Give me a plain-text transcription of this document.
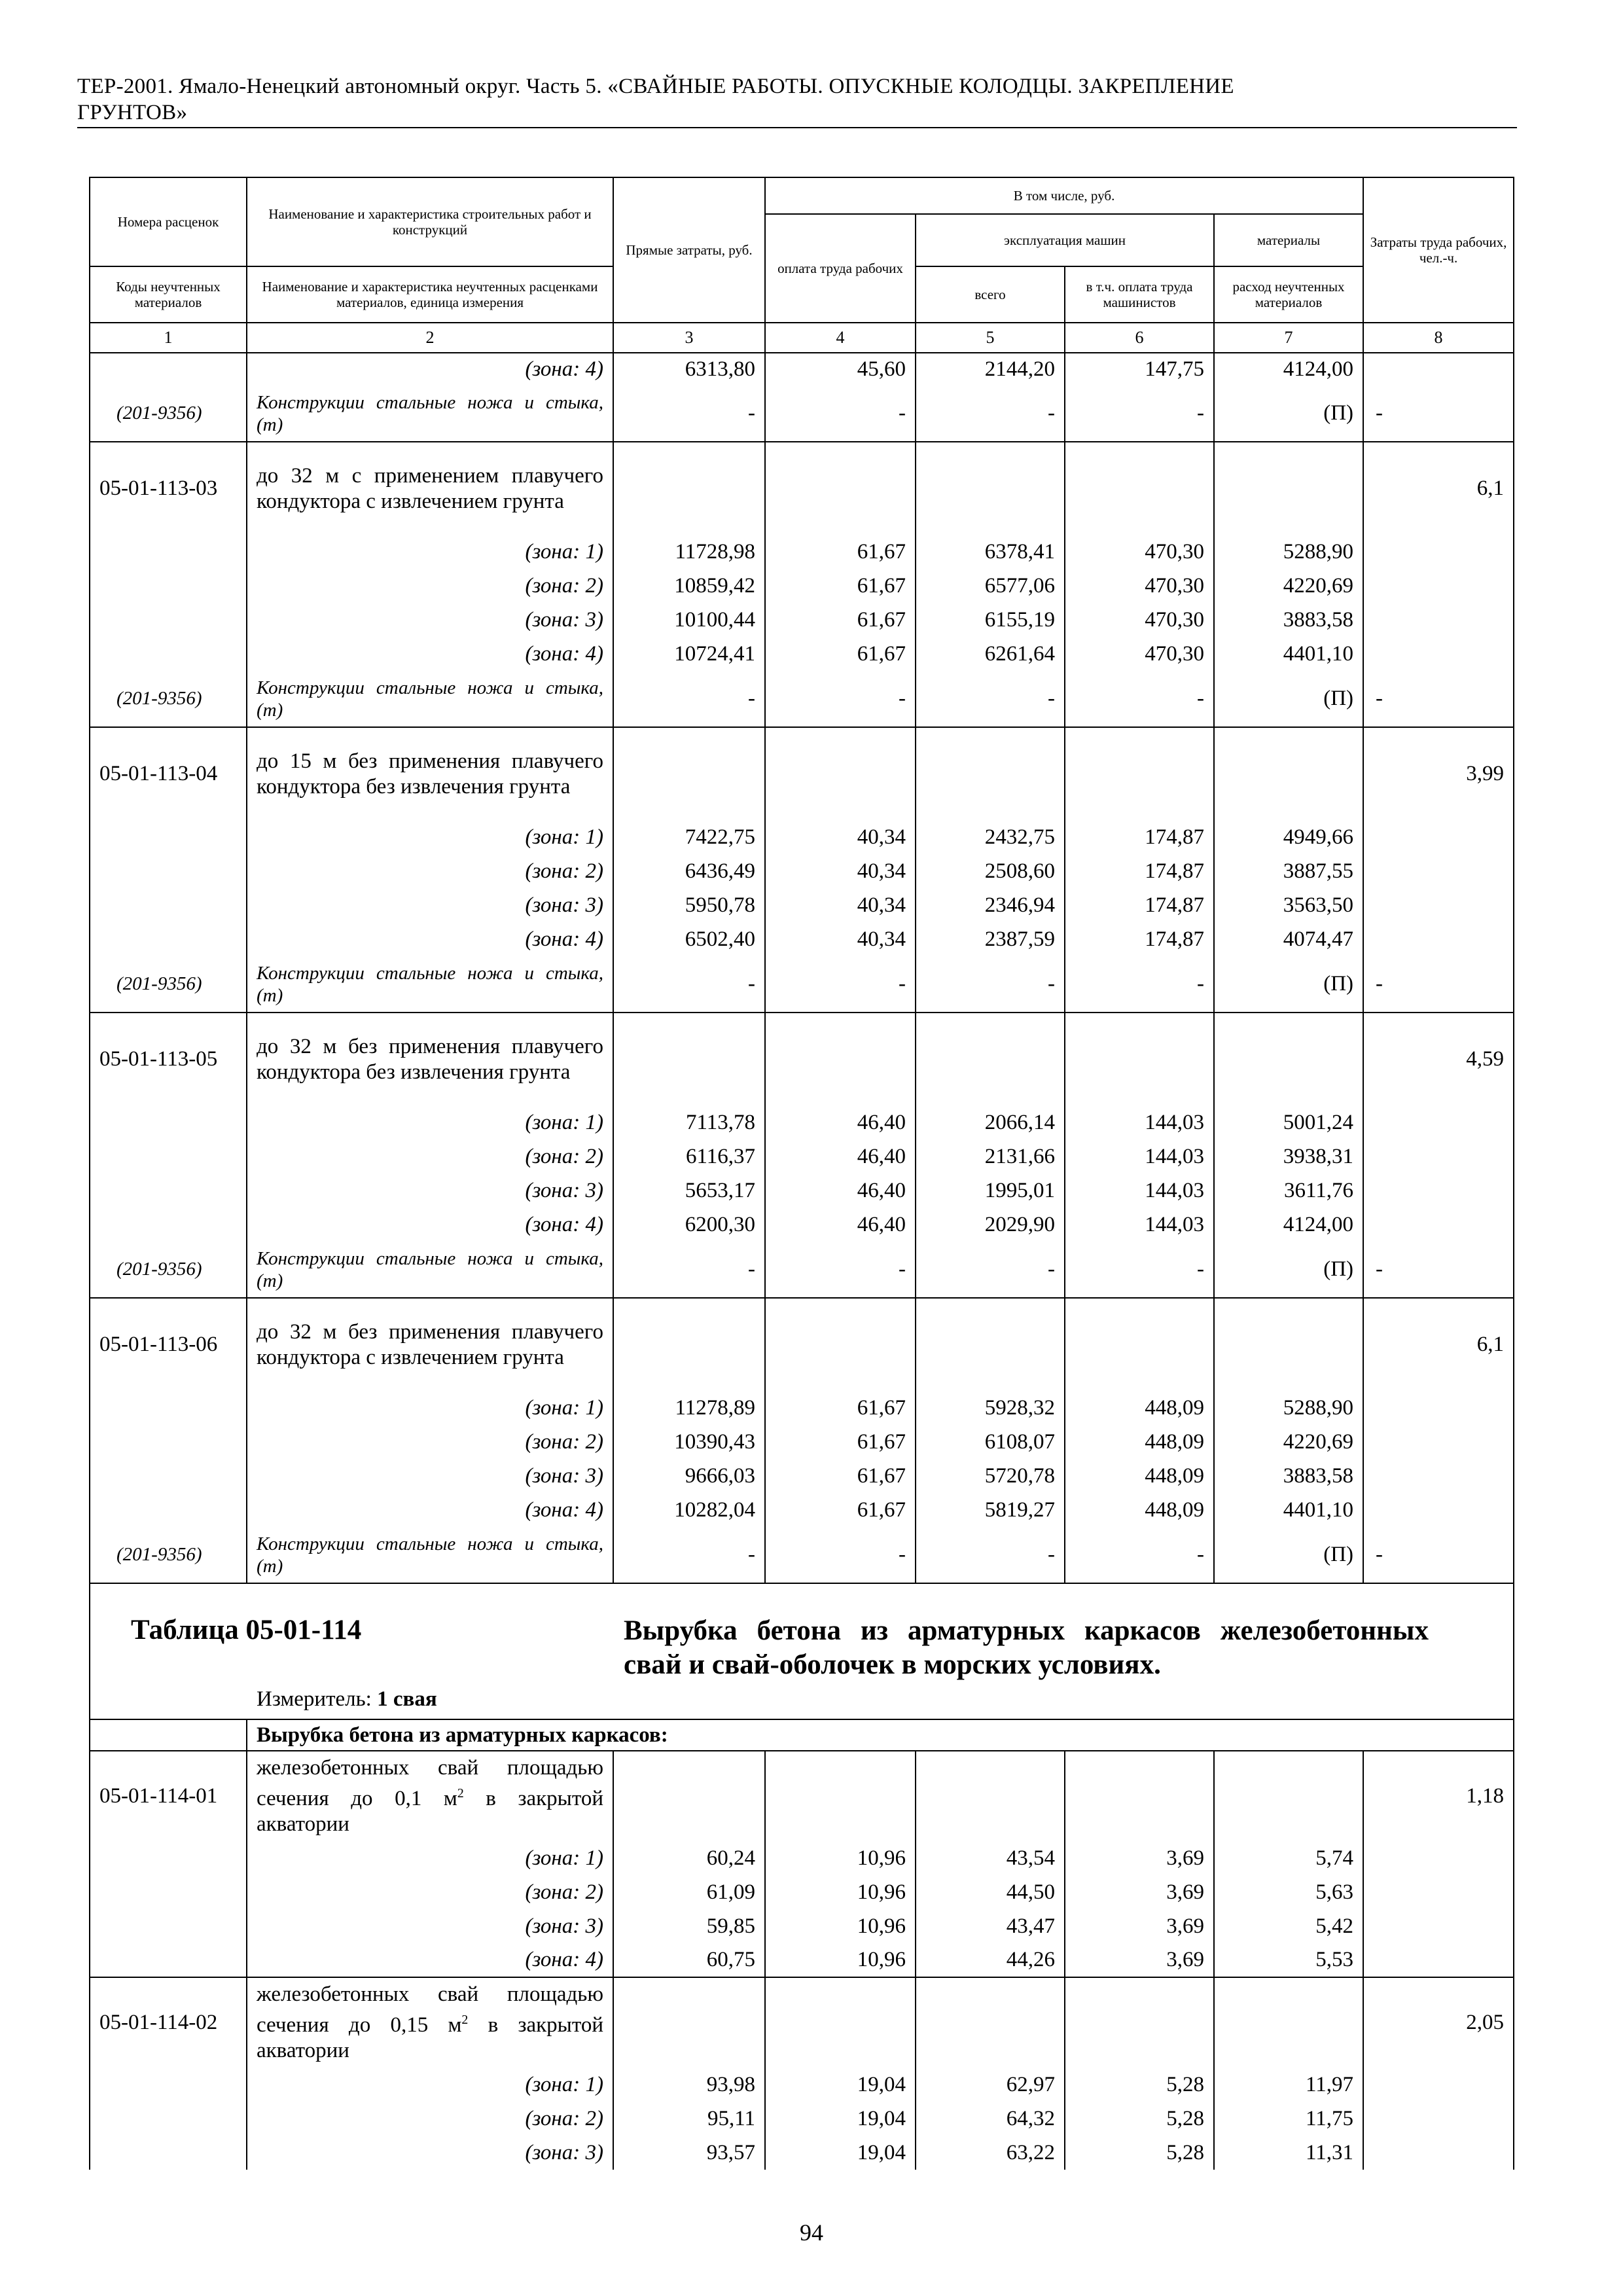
ТЕР-2001. Ямало-Ненецкий автономный округ. Часть 5. «СВАЙНЫЕ РАБОТЫ. ОПУСКНЫЕ КОЛОДЦЫ. ЗАКРЕПЛЕНИЕ
ГРУНТОВ»
Номера расценок	Наименование и характеристика строительных работ и конструкций	Прямые затраты, руб.	В том числе, руб.				Затраты труда рабочих, чел.-ч.
			оплата труда рабочих	эксплуатация машин		материалы	
Коды неучтенных материалов	Наименование и характеристика неучтенных расценками материалов, единица измерения			всего	в т.ч. оплата труда машинистов	расход неучтенных материалов	
1	2	3	4	5	6	7	8
	(зона: 4)	6313,80	45,60	2144,20	147,75	4124,00	
(201-9356)	Конструкции стальные ножа и стыка, (т)	-	-	-	-	(П)	-
05-01-113-03	до 32 м с применением плавучего кондуктора с извлечением грунта						6,1
	(зона: 1)	11728,98	61,67	6378,41	470,30	5288,90	
	(зона: 2)	10859,42	61,67	6577,06	470,30	4220,69	
	(зона: 3)	10100,44	61,67	6155,19	470,30	3883,58	
	(зона: 4)	10724,41	61,67	6261,64	470,30	4401,10	
(201-9356)	Конструкции стальные ножа и стыка, (т)	-	-	-	-	(П)	-
05-01-113-04	до 15 м без применения плавучего кондуктора без извлечения грунта						3,99
	(зона: 1)	7422,75	40,34	2432,75	174,87	4949,66	
	(зона: 2)	6436,49	40,34	2508,60	174,87	3887,55	
	(зона: 3)	5950,78	40,34	2346,94	174,87	3563,50	
	(зона: 4)	6502,40	40,34	2387,59	174,87	4074,47	
(201-9356)	Конструкции стальные ножа и стыка, (т)	-	-	-	-	(П)	-
05-01-113-05	до 32 м без применения плавучего кондуктора без извлечения грунта						4,59
	(зона: 1)	7113,78	46,40	2066,14	144,03	5001,24	
	(зона: 2)	6116,37	46,40	2131,66	144,03	3938,31	
	(зона: 3)	5653,17	46,40	1995,01	144,03	3611,76	
	(зона: 4)	6200,30	46,40	2029,90	144,03	4124,00	
(201-9356)	Конструкции стальные ножа и стыка, (т)	-	-	-	-	(П)	-
05-01-113-06	до 32 м без применения плавучего кондуктора с извлечением грунта						6,1
	(зона: 1)	11278,89	61,67	5928,32	448,09	5288,90	
	(зона: 2)	10390,43	61,67	6108,07	448,09	4220,69	
	(зона: 3)	9666,03	61,67	5720,78	448,09	3883,58	
	(зона: 4)	10282,04	61,67	5819,27	448,09	4401,10	
(201-9356)	Конструкции стальные ножа и стыка, (т)	-	-	-	-	(П)	-

Таблица 05-01-114 Вырубка бетона из арматурных каркасов железобетонных свай и свай-оболочек в морских условиях.
Измеритель: 1 свая							

	Вырубка бетона из арматурных каркасов:						
05-01-114-01	железобетонных свай площадью сечения до 0,1 $м^2$ в закрытой акватории						1,18
	(зона: 1)	60,24	10,96	43,54	3,69	5,74	
	(зона: 2)	61,09	10,96	44,50	3,69	5,63	
	(зона: 3)	59,85	10,96	43,47	3,69	5,42	
	(зона: 4)	60,75	10,96	44,26	3,69	5,53	
05-01-114-02	железобетонных свай площадью сечения до 0,15 $м^2$ в закрытой акватории						2,05
	(зона: 1)	93,98	19,04	62,97	5,28	11,97	
	(зона: 2)	95,11	19,04	64,32	5,28	11,75	
	(зона: 3)	93,57	19,04	63,22	5,28	11,31	
94
